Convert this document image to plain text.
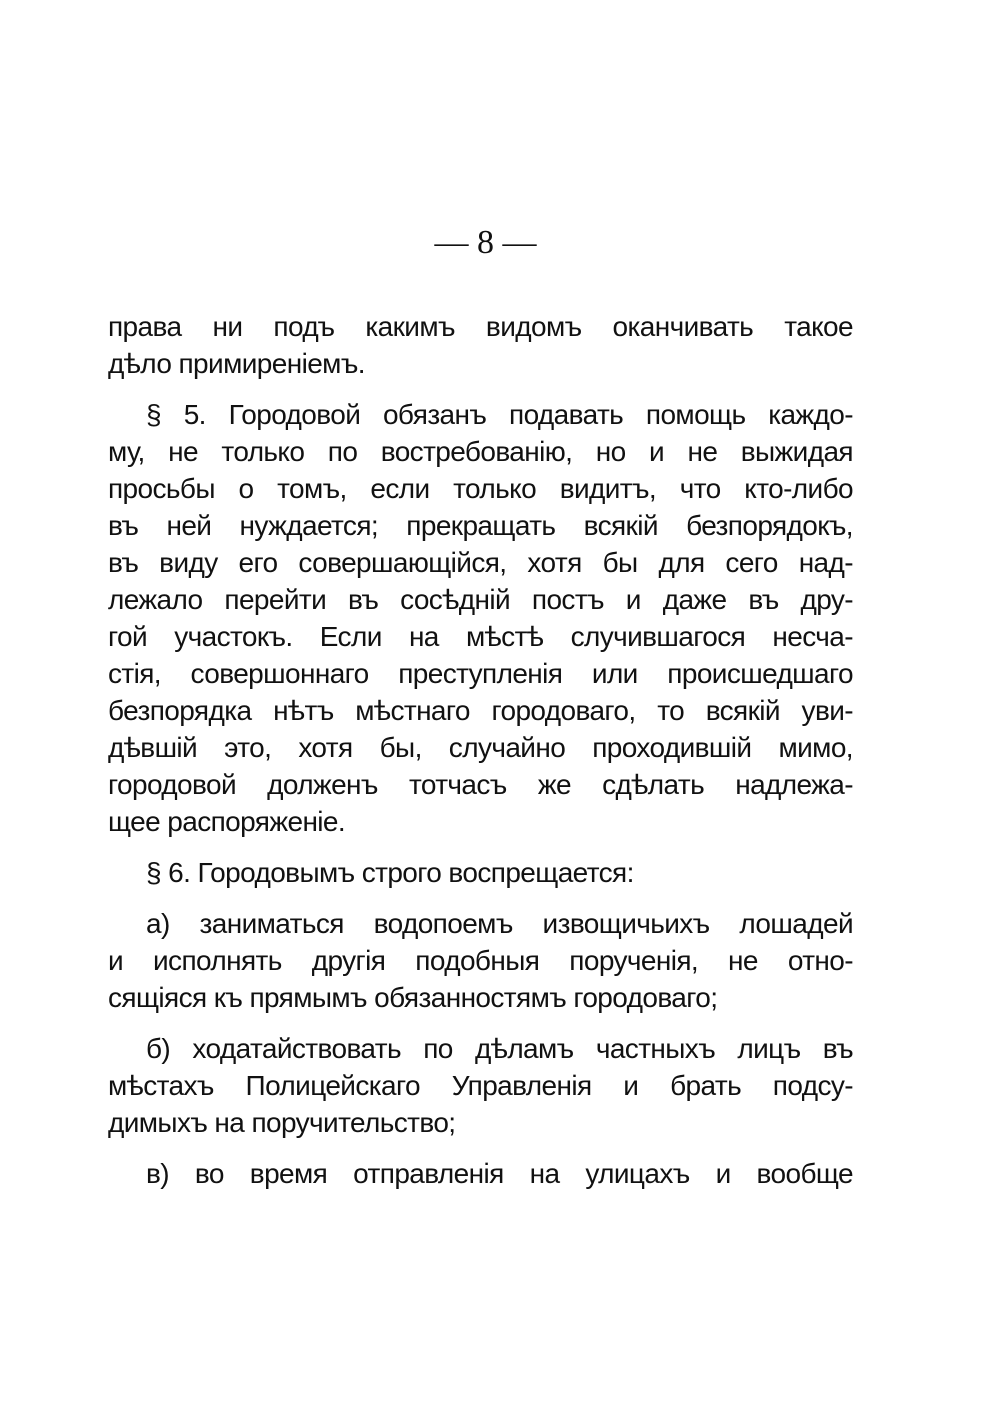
— 8 —
права ни подъ какимъ видомъ оканчивать такое
дѣло примиреніемъ.
§ 5. Городовой обязанъ подавать помощь каждо-
му, не только по востребованію, но и не выжидая
просьбы о томъ, если только видитъ, что кто-либо
въ ней нуждается; прекращать всякій безпорядокъ,
въ виду его совершающійся, хотя бы для сего над-
лежало перейти въ сосѣдній постъ и даже въ дру-
гой участокъ. Если на мѣстѣ случившагося несча-
стія, совершоннаго преступленія или происшедшаго
безпорядка нѣтъ мѣстнаго городоваго, то всякій уви-
дѣвшій это, хотя бы, случайно проходившій мимо,
городовой долженъ тотчасъ же сдѣлать надлежа-
щее распоряженіе.
§ 6. Городовымъ строго воспрещается:
а) заниматься водопоемъ извощичьихъ лошадей
и исполнять другія подобныя порученія, не отно-
сящіяся къ прямымъ обязанностямъ городоваго;
б) ходатайствовать по дѣламъ частныхъ лицъ въ
мѣстахъ Полицейскаго Управленія и брать подсу-
димыхъ на поручительство;
в) во время отправленія на улицахъ и вообще
